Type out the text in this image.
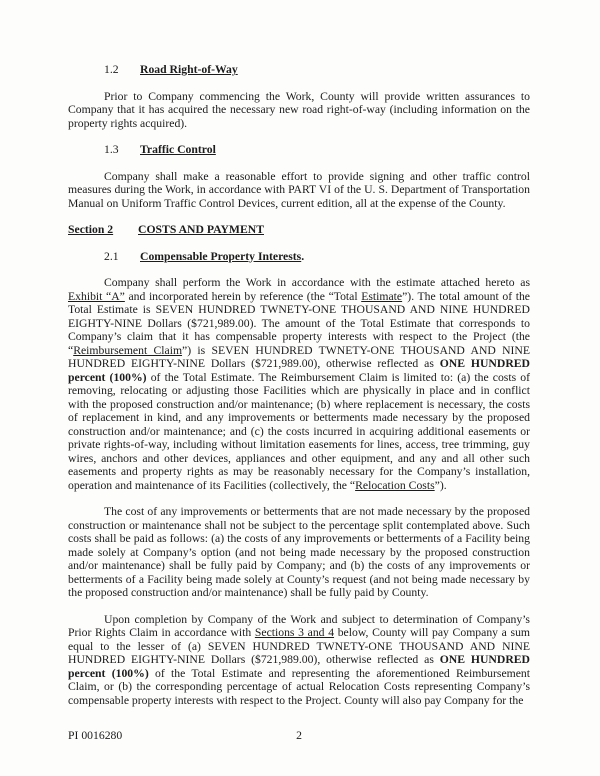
1.2 Road Right-of-Way
Prior to Company commencing the Work, County will provide written assurances to Company that it has acquired the necessary new road right-of-way (including information on the property rights acquired).
1.3 Traffic Control
Company shall make a reasonable effort to provide signing and other traffic control measures during the Work, in accordance with PART VI of the U. S. Department of Transportation Manual on Uniform Traffic Control Devices, current edition, all at the expense of the County.
Section 2 COSTS AND PAYMENT
2.1 Compensable Property Interests.
Company shall perform the Work in accordance with the estimate attached hereto as Exhibit “A” and incorporated herein by reference (the “Total Estimate”). The total amount of the Total Estimate is SEVEN HUNDRED TWNETY-ONE THOUSAND AND NINE HUNDRED EIGHTY-NINE Dollars ($721,989.00). The amount of the Total Estimate that corresponds to Company’s claim that it has compensable property interests with respect to the Project (the “Reimbursement Claim”) is SEVEN HUNDRED TWNETY-ONE THOUSAND AND NINE HUNDRED EIGHTY-NINE Dollars ($721,989.00), otherwise reflected as ONE HUNDRED percent (100%) of the Total Estimate. The Reimbursement Claim is limited to: (a) the costs of removing, relocating or adjusting those Facilities which are physically in place and in conflict with the proposed construction and/or maintenance; (b) where replacement is necessary, the costs of replacement in kind, and any improvements or betterments made necessary by the proposed construction and/or maintenance; and (c) the costs incurred in acquiring additional easements or private rights-of-way, including without limitation easements for lines, access, tree trimming, guy wires, anchors and other devices, appliances and other equipment, and any and all other such easements and property rights as may be reasonably necessary for the Company’s installation, operation and maintenance of its Facilities (collectively, the “Relocation Costs”).
The cost of any improvements or betterments that are not made necessary by the proposed construction or maintenance shall not be subject to the percentage split contemplated above. Such costs shall be paid as follows: (a) the costs of any improvements or betterments of a Facility being made solely at Company’s option (and not being made necessary by the proposed construction and/or maintenance) shall be fully paid by Company; and (b) the costs of any improvements or betterments of a Facility being made solely at County’s request (and not being made necessary by the proposed construction and/or maintenance) shall be fully paid by County.
Upon completion by Company of the Work and subject to determination of Company’s Prior Rights Claim in accordance with Sections 3 and 4 below, County will pay Company a sum equal to the lesser of (a) SEVEN HUNDRED TWNETY-ONE THOUSAND AND NINE HUNDRED EIGHTY-NINE Dollars ($721,989.00), otherwise reflected as ONE HUNDRED percent (100%) of the Total Estimate and representing the aforementioned Reimbursement Claim, or (b) the corresponding percentage of actual Relocation Costs representing Company’s compensable property interests with respect to the Project. County will also pay Company for the
PI 0016280	2
